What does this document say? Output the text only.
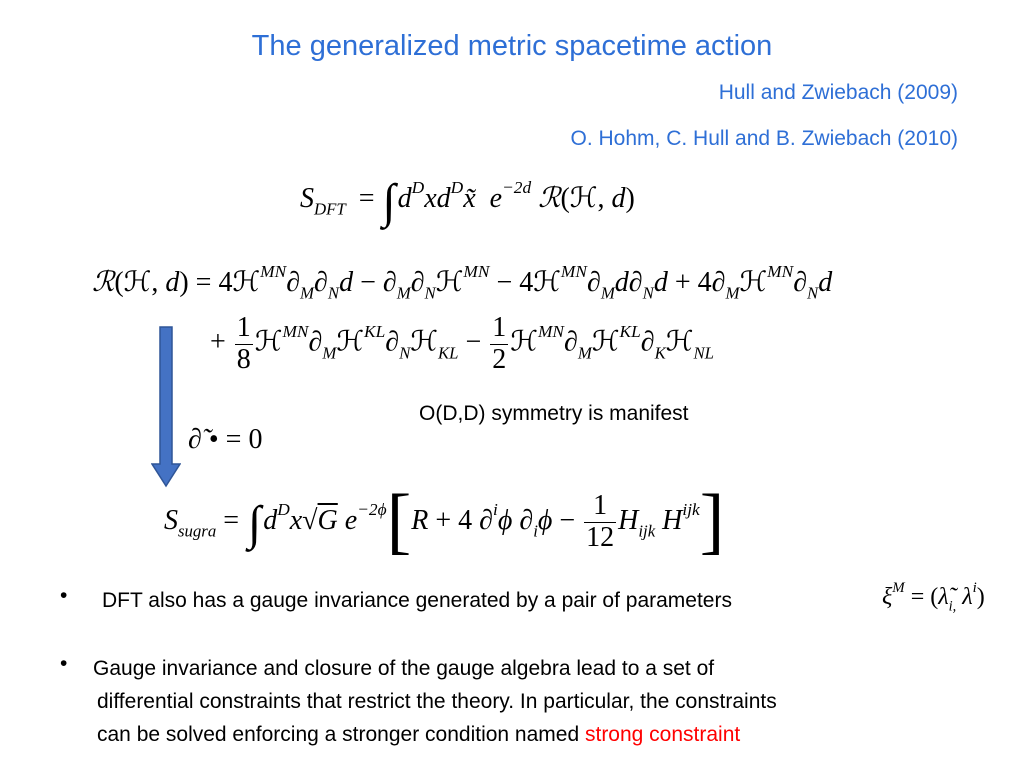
The generalized metric spacetime action
Hull and Zwiebach (2009)
O. Hohm, C. Hull and B. Zwiebach (2010)
$S_{DFT}$ = $\int d^Dxd^Dx̃$ $e^{-2d}$ ℛ(ℋ, d)
ℛ(ℋ, $d) = 4ℋ^{MN}\partial_M\partial_Nd$ − $\partial_M\partial_Nℋ^{MN}$ − $4ℋ^{MN}\partial_Md\partial_Nd$ + $4\partial_Mℋ^{MN}\partial_Nd$
+ $\frac{1}{8}$ $ℋ^{MN}\partial_Mℋ^{KL}\partial_Nℋ_{KL} - \frac{1}{2}$ $ℋ^{MN}\partial_Mℋ^{KL}\partial_Kℋ_{NL}$
∂̃ • = 0
O(D,D) symmetry is manifest
$S_{sugra} = \int d^Dx√G$ $e^{-2\phi}[R + 4$ ∂$^i$ϕ $\partial_i\phi - \frac{1}{12} H_{ijk}$ $H^{ijk}$]
• DFT also has a gauge invariance generated by a pair of parameters	$\xi^M$ = ($\lambdã_{i,}$ $\lambda^i$)
• Gauge invariance and closure of the gauge algebra lead to a set of
differential constraints that restrict the theory. In particular, the constraints
can be solved enforcing a stronger condition named strong constraint
